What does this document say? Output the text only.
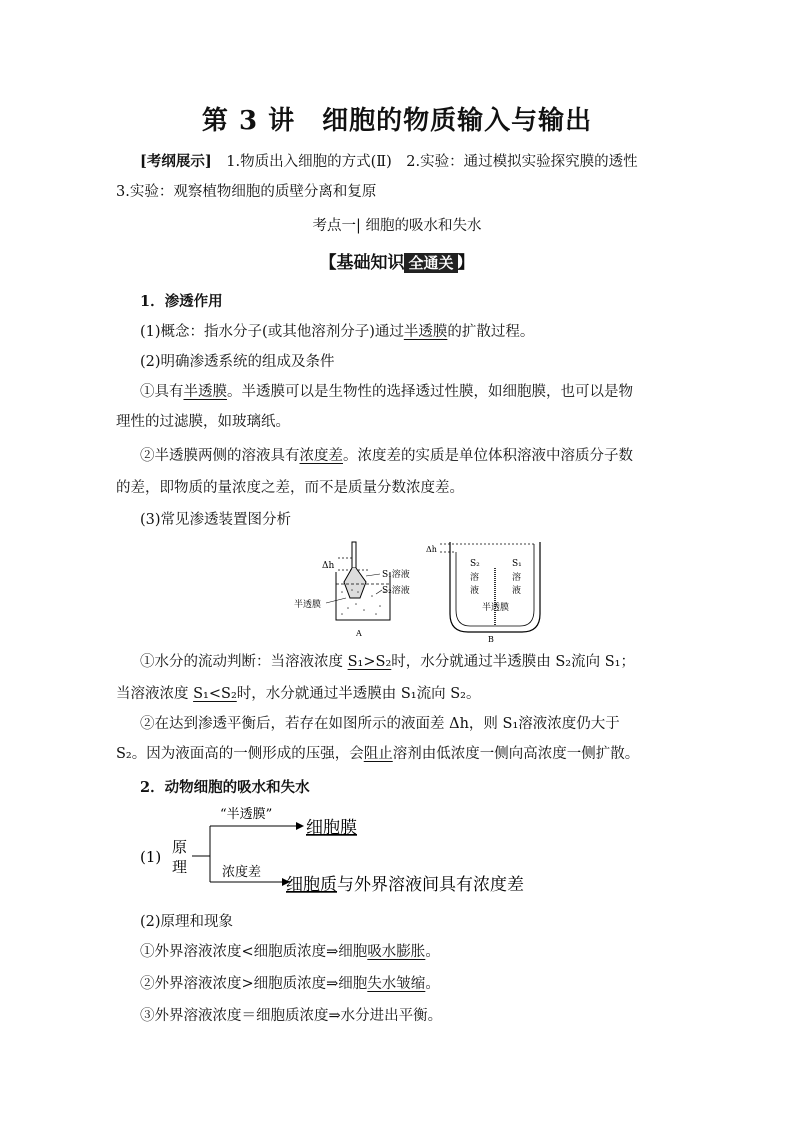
第 3 讲　细胞的物质输入与输出
[考纲展示]　1.物质出入细胞的方式(Ⅱ)　2.实验：通过模拟实验探究膜的透性
3.实验：观察植物细胞的质壁分离和复原
考点一| 细胞的吸水和失水
【基础知识 全通关 】
1．渗透作用
(1)概念：指水分子(或其他溶剂分子)通过半透膜的扩散过程。
(2)明确渗透系统的组成及条件
①具有半透膜。半透膜可以是生物性的选择透过性膜，如细胞膜，也可以是物
理性的过滤膜，如玻璃纸。
②半透膜两侧的溶液具有浓度差。浓度差的实质是单位体积溶液中溶质分子数
的差，即物质的量浓度之差，而不是质量分数浓度差。
(3)常见渗透装置图分析
Δh
S₁溶液
S₂溶液
半透膜
A
Δh
S₂
溶
液
S₁
溶
液
半透膜
B
①水分的流动判断：当溶液浓度 S₁>S₂时，水分就通过半透膜由 S₂流向 S₁；
当溶液浓度 S₁<S₂时，水分就通过半透膜由 S₁流向 S₂。
②在达到渗透平衡后，若存在如图所示的液面差 Δh，则 S₁溶液浓度仍大于
S₂。因为液面高的一侧形成的压强，会阻止溶剂由低浓度一侧向高浓度一侧扩散。
2．动物细胞的吸水和失水
(1)
原
理
“半透膜”
细胞膜
浓度差
细胞质与外界溶液间具有浓度差
(2)原理和现象
①外界溶液浓度<细胞质浓度⇒细胞吸水膨胀。
②外界溶液浓度>细胞质浓度⇒细胞失水皱缩。
③外界溶液浓度＝细胞质浓度⇒水分进出平衡。
